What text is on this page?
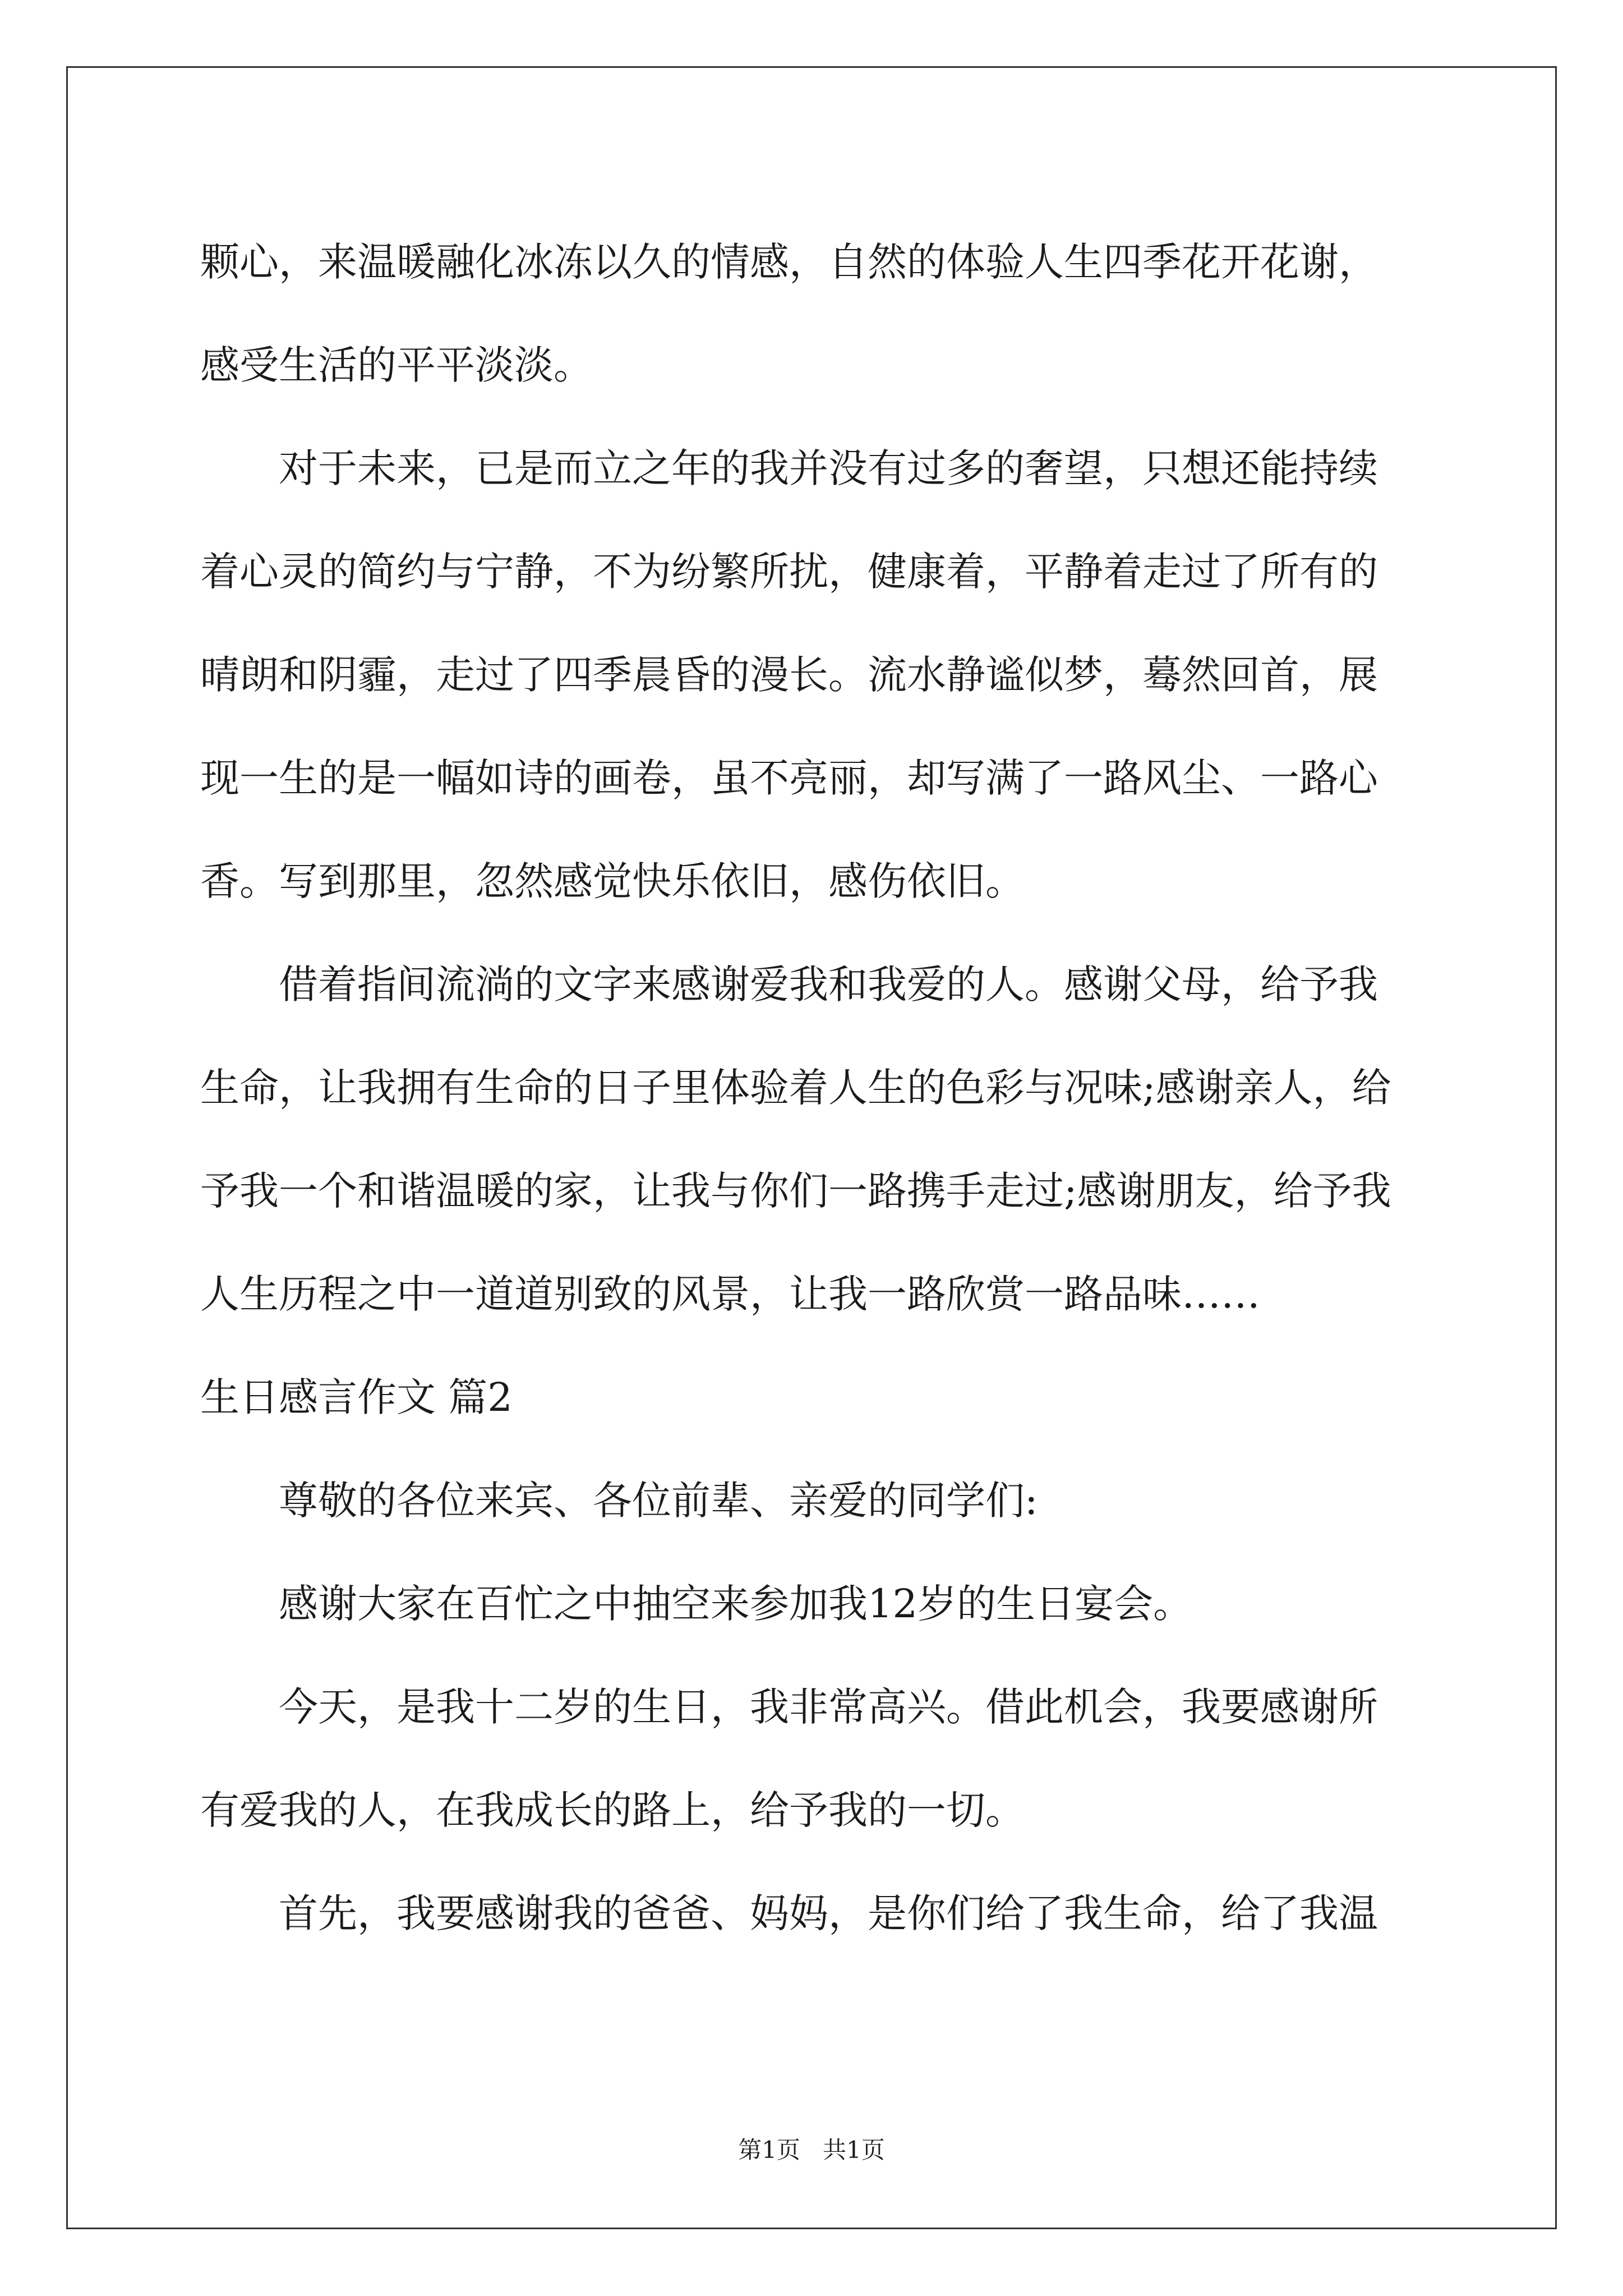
颗心，来温暖融化冰冻以久的情感，自然的体验人生四季花开花谢，
感受生活的平平淡淡。
对于未来，已是而立之年的我并没有过多的奢望，只想还能持续
着心灵的简约与宁静，不为纷繁所扰，健康着，平静着走过了所有的
晴朗和阴霾，走过了四季晨昏的漫长。流水静谧似梦，蓦然回首，展
现一生的是一幅如诗的画卷，虽不亮丽，却写满了一路风尘、一路心
香。写到那里，忽然感觉快乐依旧，感伤依旧。
借着指间流淌的文字来感谢爱我和我爱的人。感谢父母，给予我
生命，让我拥有生命的日子里体验着人生的色彩与况味;感谢亲人，给
予我一个和谐温暖的家，让我与你们一路携手走过;感谢朋友，给予我
人生历程之中一道道别致的风景，让我一路欣赏一路品味……
生日感言作文 篇2
尊敬的各位来宾、各位前辈、亲爱的同学们:
感谢大家在百忙之中抽空来参加我12岁的生日宴会。
今天，是我十二岁的生日，我非常高兴。借此机会，我要感谢所
有爱我的人，在我成长的路上，给予我的一切。
首先，我要感谢我的爸爸、妈妈，是你们给了我生命，给了我温
第1页 共1页
